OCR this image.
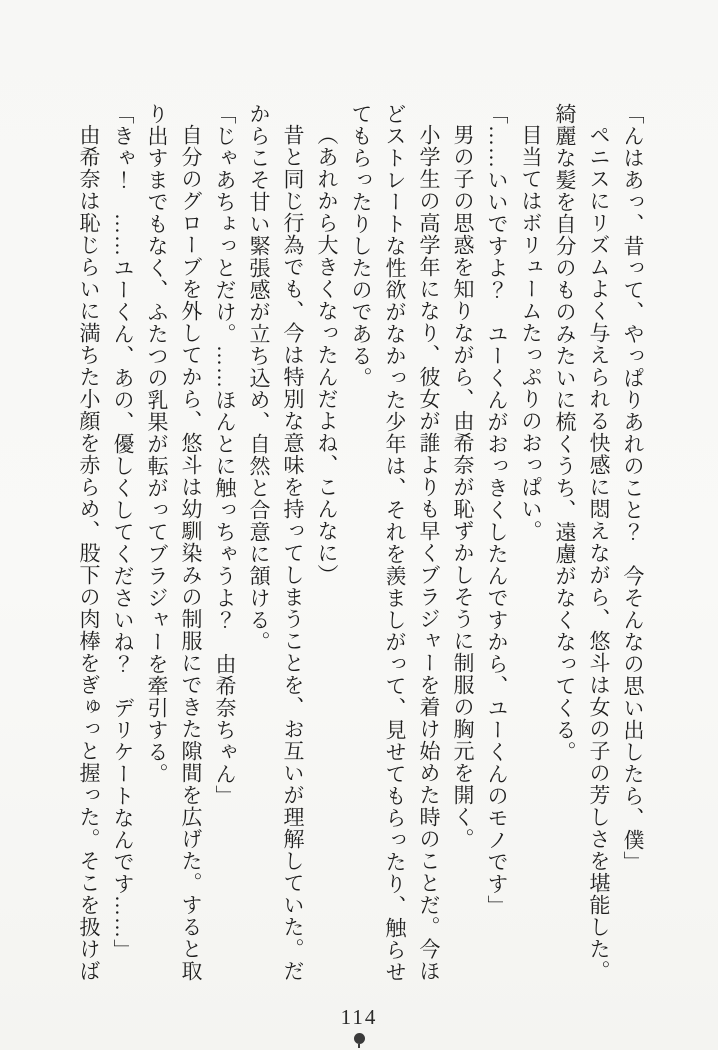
「んはあっ、昔って、やっぱりあれのこと？　今そんなの思い出したら、僕」

ペニスにリズムよく与えられる快感に悶えながら、悠斗は女の子の芳しさを堪能した。

綺麗な髪を自分のものみたいに梳くうち、遠慮がなくなってくる。

目当てはボリュームたっぷりのおっぱい。

「……いいですよ？　ユーくんがおっきくしたんですから、ユーくんのモノです」

男の子の思惑を知りながら、由希奈が恥ずかしそうに制服の胸元を開く。

小学生の高学年になり、彼女が誰よりも早くブラジャーを着け始めた時のことだ。今ほどストレートな性欲がなかった少年は、それを羨ましがって、見せてもらったり、触らせてもらったりしたのである。

（あれから大きくなったんだよね、こんなに）

昔と同じ行為でも、今は特別な意味を持ってしまうことを、お互いが理解していた。だからこそ甘い緊張感が立ち込め、自然と合意に頷ける。

「じゃあちょっとだけ。……ほんとに触っちゃうよ？　由希奈ちゃん」

自分のグローブを外してから、悠斗は幼馴染みの制服にできた隙間を広げた。すると取り出すまでもなく、ふたつの乳果が転がってブラジャーを牽引する。

「きゃ！　……ユーくん、あの、優しくしてくださいね？　デリケートなんです……」

由希奈は恥じらいに満ちた小顔を赤らめ、股下の肉棒をぎゅっと握った。そこを扱けば

114
